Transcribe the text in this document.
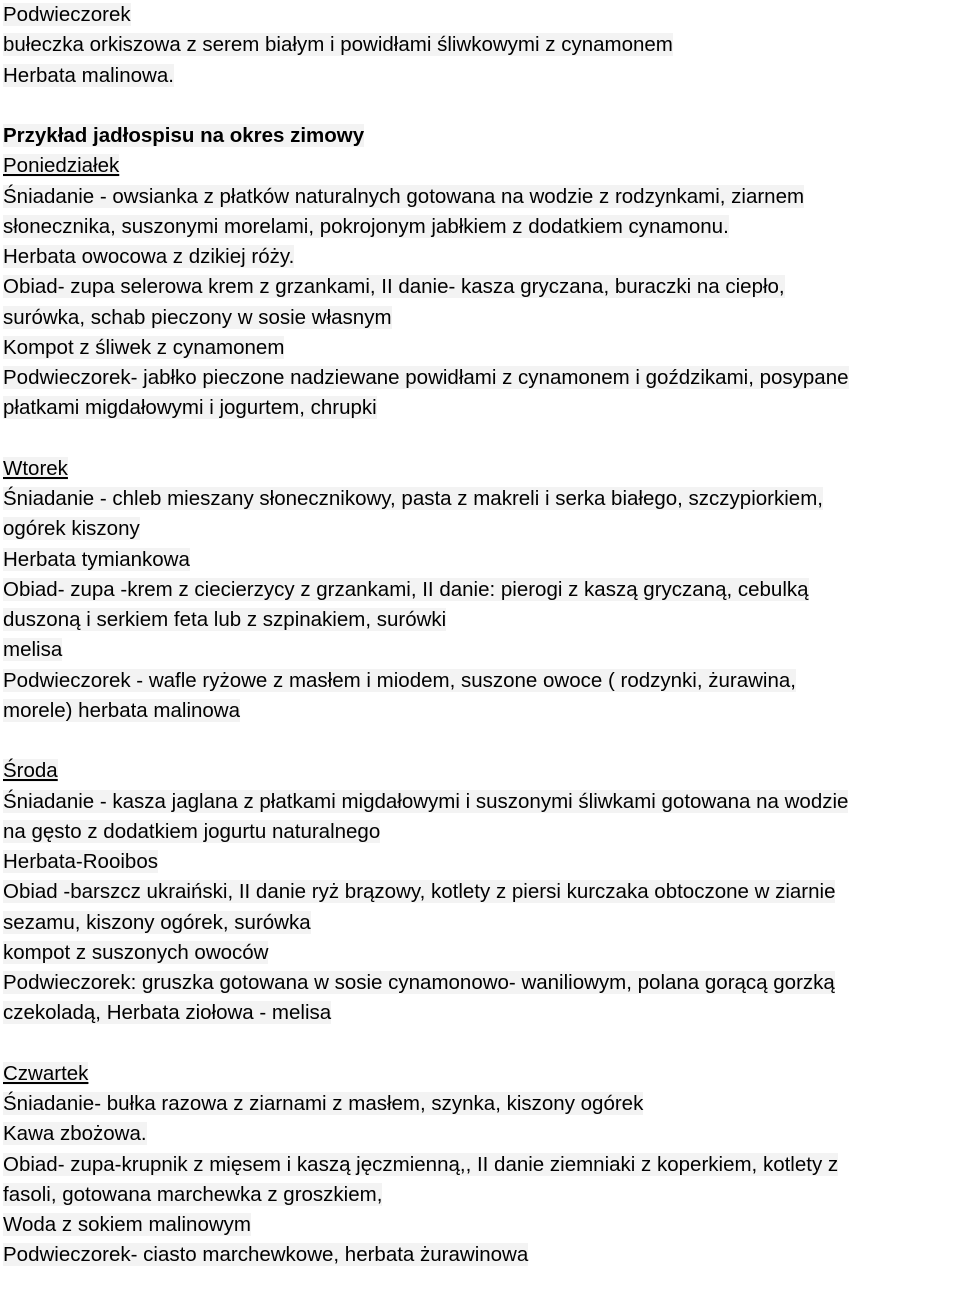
Podwieczorek
bułeczka orkiszowa z serem białym i powidłami śliwkowymi z cynamonem
Herbata malinowa.
Przykład jadłospisu na okres zimowy
Poniedziałek
Śniadanie - owsianka z płatków naturalnych gotowana na wodzie z rodzynkami, ziarnem
słonecznika, suszonymi morelami, pokrojonym jabłkiem z dodatkiem cynamonu.
Herbata owocowa z dzikiej róży.
Obiad- zupa selerowa krem z grzankami, II danie- kasza gryczana, buraczki na ciepło,
surówka, schab pieczony w sosie własnym
Kompot z śliwek z cynamonem
Podwieczorek- jabłko pieczone nadziewane powidłami z cynamonem i goździkami, posypane
płatkami migdałowymi i jogurtem, chrupki
Wtorek
Śniadanie - chleb mieszany słonecznikowy, pasta z makreli i serka białego, szczypiorkiem,
ogórek kiszony
Herbata tymiankowa
Obiad- zupa -krem z ciecierzycy z grzankami, II danie: pierogi z kaszą gryczaną, cebulką
duszoną i serkiem feta lub z szpinakiem, surówki
melisa
Podwieczorek - wafle ryżowe z masłem i miodem, suszone owoce ( rodzynki, żurawina,
morele) herbata malinowa
Środa
Śniadanie - kasza jaglana z płatkami migdałowymi i suszonymi śliwkami gotowana na wodzie
na gęsto z dodatkiem jogurtu naturalnego
Herbata-Rooibos
Obiad -barszcz ukraiński, II danie ryż brązowy, kotlety z piersi kurczaka obtoczone w ziarnie
sezamu, kiszony ogórek, surówka
kompot z suszonych owoców
Podwieczorek: gruszka gotowana w sosie cynamonowo- waniliowym, polana gorącą gorzką
czekoladą, Herbata ziołowa - melisa
Czwartek
Śniadanie- bułka razowa z ziarnami z masłem, szynka, kiszony ogórek
Kawa zbożowa.
Obiad- zupa-krupnik z mięsem i kaszą jęczmienną,, II danie ziemniaki z koperkiem, kotlety z
fasoli, gotowana marchewka z groszkiem,
Woda z sokiem malinowym
Podwieczorek- ciasto marchewkowe, herbata żurawinowa
